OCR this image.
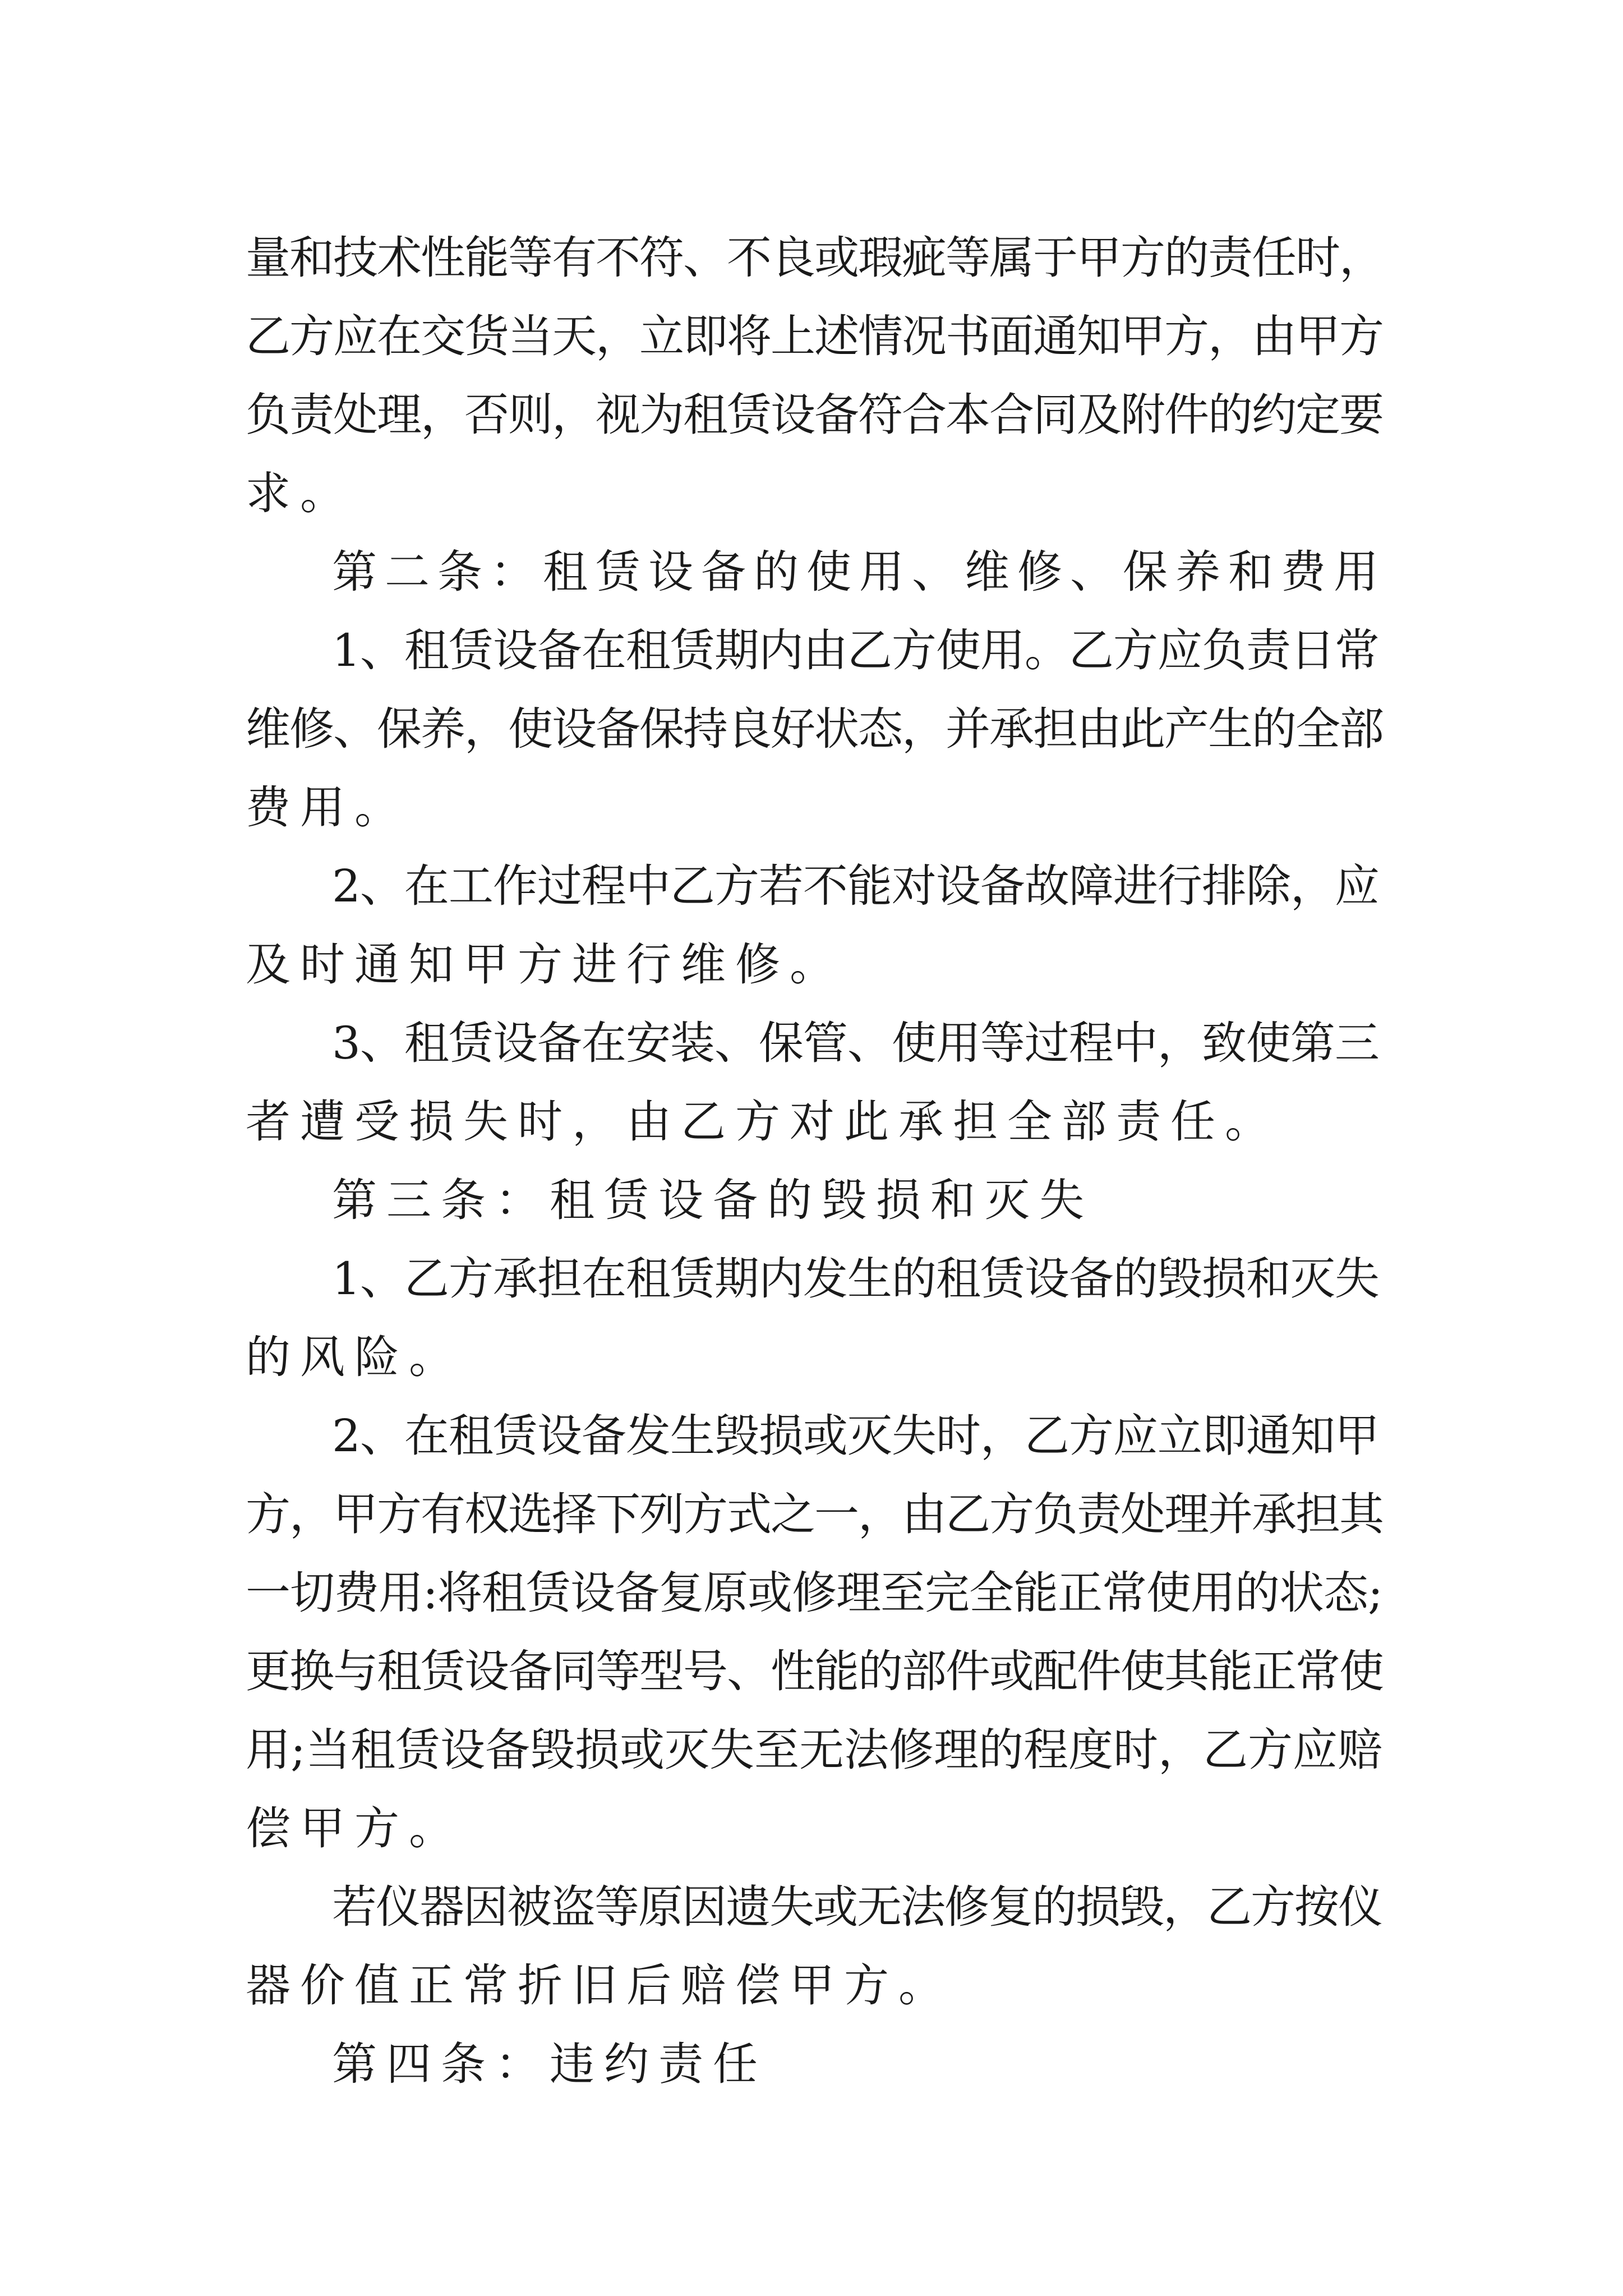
量和技术性能等有不符、不良或瑕疵等属于甲方的责任时，
乙方应在交货当天，立即将上述情况书面通知甲方，由甲方
负责处理，否则，视为租赁设备符合本合同及附件的约定要
求。
第二条：租赁设备的使用、维修、保养和费用
1、租赁设备在租赁期内由乙方使用。乙方应负责日常
维修、保养，使设备保持良好状态，并承担由此产生的全部
费用。
2、在工作过程中乙方若不能对设备故障进行排除，应
及时通知甲方进行维修。
3、租赁设备在安装、保管、使用等过程中，致使第三
者遭受损失时，由乙方对此承担全部责任。
第三条：租赁设备的毁损和灭失
1、乙方承担在租赁期内发生的租赁设备的毁损和灭失
的风险。
2、在租赁设备发生毁损或灭失时，乙方应立即通知甲
方，甲方有权选择下列方式之一，由乙方负责处理并承担其
一切费用:将租赁设备复原或修理至完全能正常使用的状态;
更换与租赁设备同等型号、性能的部件或配件使其能正常使
用;当租赁设备毁损或灭失至无法修理的程度时，乙方应赔
偿甲方。
若仪器因被盗等原因遗失或无法修复的损毁，乙方按仪
器价值正常折旧后赔偿甲方。
第四条：违约责任
